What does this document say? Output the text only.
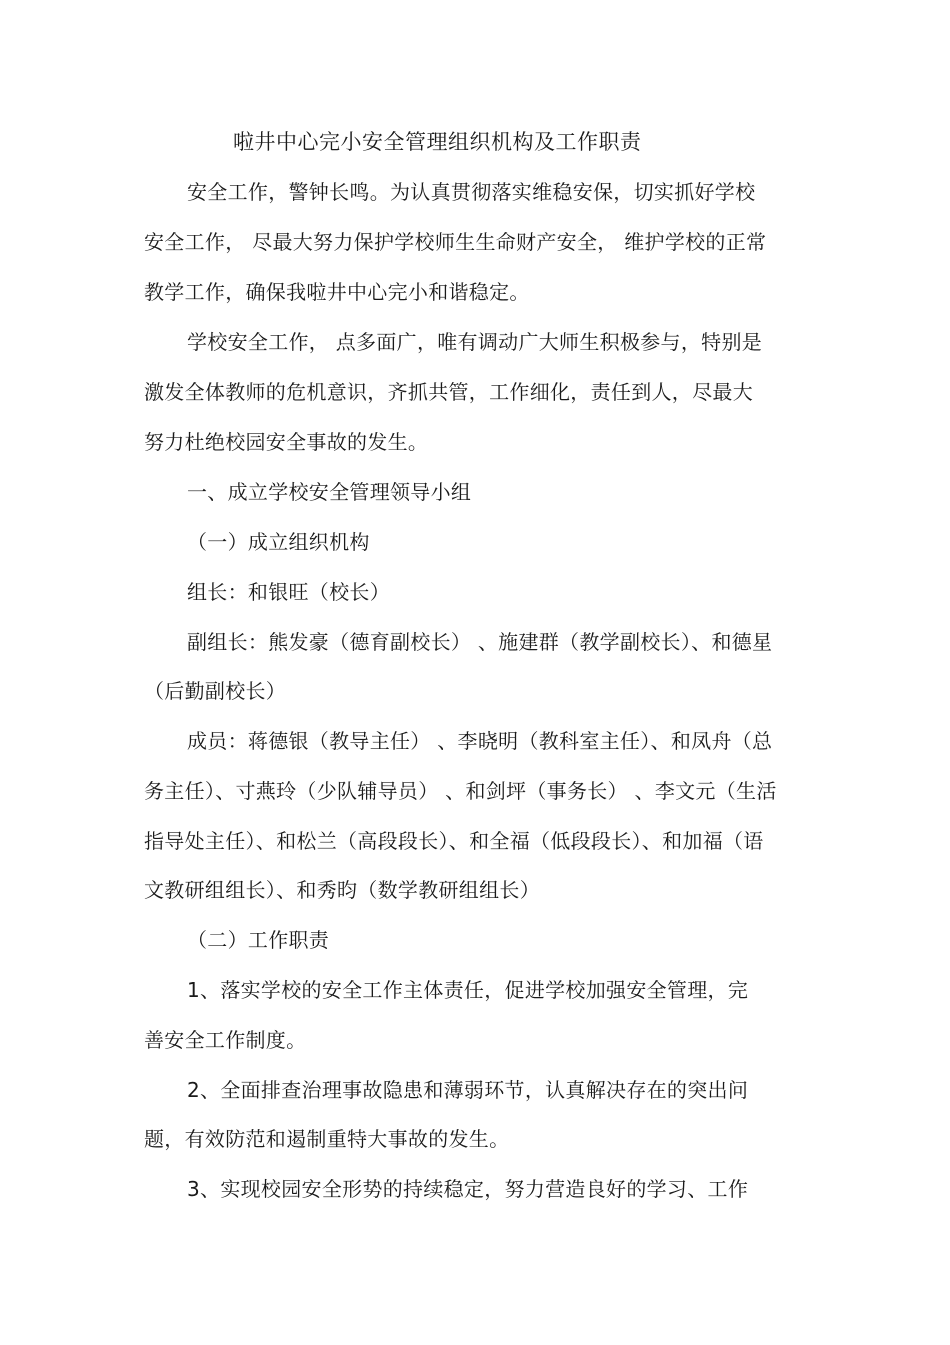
啦井中心完小安全管理组织机构及工作职责
安全工作，警钟长鸣。为认真贯彻落实维稳安保，切实抓好学校
安全工作， 尽最大努力保护学校师生生命财产安全， 维护学校的正常
教学工作，确保我啦井中心完小和谐稳定。
学校安全工作， 点多面广，唯有调动广大师生积极参与，特别是
激发全体教师的危机意识，齐抓共管，工作细化，责任到人，尽最大
努力杜绝校园安全事故的发生。
一、成立学校安全管理领导小组
（一）成立组织机构
组长：和银旺（校长）
副组长：熊发豪（德育副校长） 、施建群（教学副校长）、和德星
（后勤副校长）
成员：蒋德银（教导主任） 、李晓明（教科室主任）、和凤舟（总
务主任）、寸燕玲（少队辅导员） 、和剑坪（事务长） 、李文元（生活
指导处主任）、和松兰（高段段长）、和全福（低段段长）、和加福（语
文教研组组长）、和秀昀（数学教研组组长）
（二）工作职责
1、落实学校的安全工作主体责任，促进学校加强安全管理，完
善安全工作制度。
2、全面排查治理事故隐患和薄弱环节，认真解决存在的突出问
题，有效防范和遏制重特大事故的发生。
3、实现校园安全形势的持续稳定，努力营造良好的学习、工作
